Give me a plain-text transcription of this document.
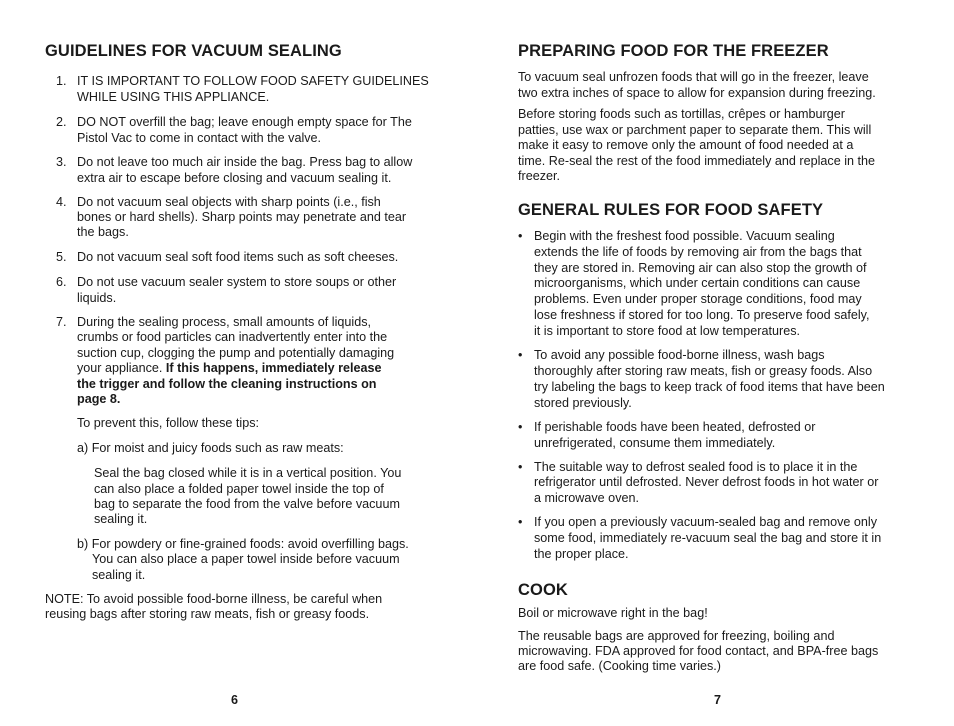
GUIDELINES FOR VACUUM SEALING
1. IT IS IMPORTANT TO FOLLOW FOOD SAFETY GUIDELINES
WHILE USING THIS APPLIANCE.
2. DO NOT overfill the bag; leave enough empty space for The
Pistol Vac to come in contact with the valve.
3. Do not leave too much air inside the bag. Press bag to allow
extra air to escape before closing and vacuum sealing it.
4. Do not vacuum seal objects with sharp points (i.e., fish
bones or hard shells). Sharp points may penetrate and tear
the bags.
5. Do not vacuum seal soft food items such as soft cheeses.
6. Do not use vacuum sealer system to store soups or other
liquids.
7. During the sealing process, small amounts of liquids,
crumbs or food particles can inadvertently enter into the
suction cup, clogging the pump and potentially damaging
your appliance. If this happens, immediately release
the trigger and follow the cleaning instructions on
page 8.
To prevent this, follow these tips:
a) For moist and juicy foods such as raw meats:
Seal the bag closed while it is in a vertical position. You
can also place a folded paper towel inside the top of
bag to separate the food from the valve before vacuum
sealing it.
b) For powdery or fine-grained foods: avoid overfilling bags.
You can also place a paper towel inside before vacuum
sealing it.
NOTE: To avoid possible food-borne illness, be careful when
reusing bags after storing raw meats, fish or greasy foods.
6
PREPARING FOOD FOR THE FREEZER
To vacuum seal unfrozen foods that will go in the freezer, leave
two extra inches of space to allow for expansion during freezing.
Before storing foods such as tortillas, crêpes or hamburger
patties, use wax or parchment paper to separate them. This will
make it easy to remove only the amount of food needed at a
time. Re-seal the rest of the food immediately and replace in the
freezer.
GENERAL RULES FOR FOOD SAFETY
• Begin with the freshest food possible. Vacuum sealing
extends the life of foods by removing air from the bags that
they are stored in. Removing air can also stop the growth of
microorganisms, which under certain conditions can cause
problems. Even under proper storage conditions, food may
lose freshness if stored for too long. To preserve food safely,
it is important to store food at low temperatures.
• To avoid any possible food-borne illness, wash bags
thoroughly after storing raw meats, fish or greasy foods. Also
try labeling the bags to keep track of food items that have been
stored previously.
• If perishable foods have been heated, defrosted or
unrefrigerated, consume them immediately.
• The suitable way to defrost sealed food is to place it in the
refrigerator until defrosted. Never defrost foods in hot water or
a microwave oven.
• If you open a previously vacuum-sealed bag and remove only
some food, immediately re-vacuum seal the bag and store it in
the proper place.
COOK
Boil or microwave right in the bag!
The reusable bags are approved for freezing, boiling and
microwaving. FDA approved for food contact, and BPA-free bags
are food safe. (Cooking time varies.)
7
